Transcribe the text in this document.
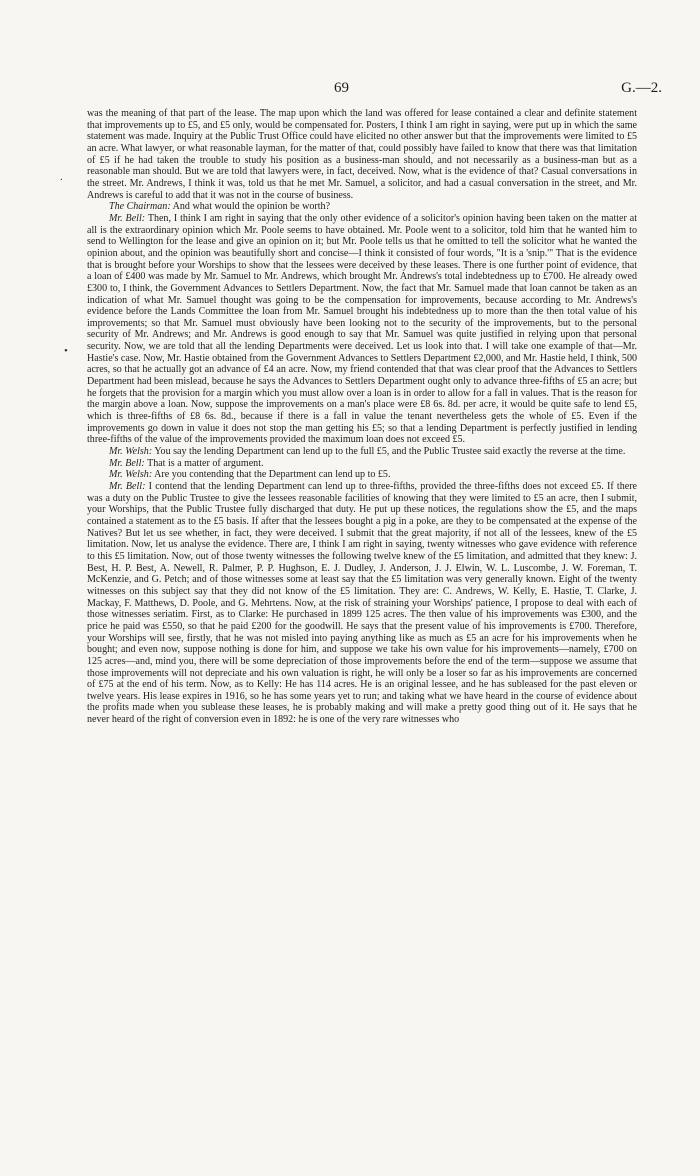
69	G.—2.
.
•

was the meaning of that part of the lease. The map upon which the land was offered for lease contained a clear and definite statement that improvements up to £5, and £5 only, would be compensated for. Posters, I think I am right in saying, were put up in which the same statement was made. Inquiry at the Public Trust Office could have elicited no other answer but that the improvements were limited to £5 an acre. What lawyer, or what reasonable layman, for the matter of that, could possibly have failed to know that there was that limitation of £5 if he had taken the trouble to study his position as a business-man should, and not necessarily as a business-man but as a reasonable man should. But we are told that lawyers were, in fact, deceived. Now, what is the evidence of that? Casual conversations in the street. Mr. Andrews, I think it was, told us that he met Mr. Samuel, a solicitor, and had a casual conversation in the street, and Mr. Andrews is careful to add that it was not in the course of business.

The Chairman: And what would the opinion be worth?

Mr. Bell: Then, I think I am right in saying that the only other evidence of a solicitor's opinion having been taken on the matter at all is the extraordinary opinion which Mr. Poole seems to have obtained. Mr. Poole went to a solicitor, told him that he wanted him to send to Wellington for the lease and give an opinion on it; but Mr. Poole tells us that he omitted to tell the solicitor what he wanted the opinion about, and the opinion was beautifully short and concise—I think it consisted of four words, "It is a 'snip.'" That is the evidence that is brought before your Worships to show that the lessees were deceived by these leases. There is one further point of evidence, that a loan of £400 was made by Mr. Samuel to Mr. Andrews, which brought Mr. Andrews's total indebtedness up to £700. He already owed £300 to, I think, the Government Advances to Settlers Department. Now, the fact that Mr. Samuel made that loan cannot be taken as an indication of what Mr. Samuel thought was going to be the compensation for improvements, because according to Mr. Andrews's evidence before the Lands Committee the loan from Mr. Samuel brought his indebtedness up to more than the then total value of his improvements; so that Mr. Samuel must obviously have been looking not to the security of the improvements, but to the personal security of Mr. Andrews; and Mr. Andrews is good enough to say that Mr. Samuel was quite justified in relying upon that personal security. Now, we are told that all the lending Departments were deceived. Let us look into that. I will take one example of that—Mr. Hastie's case. Now, Mr. Hastie obtained from the Government Advances to Settlers Department £2,000, and Mr. Hastie held, I think, 500 acres, so that he actually got an advance of £4 an acre. Now, my friend contended that that was clear proof that the Advances to Settlers Department had been mislead, because he says the Advances to Settlers Department ought only to advance three-fifths of £5 an acre; but he forgets that the provision for a margin which you must allow over a loan is in order to allow for a fall in values. That is the reason for the margin above a loan. Now, suppose the improvements on a man's place were £8 6s. 8d. per acre, it would be quite safe to lend £5, which is three-fifths of £8 6s. 8d., because if there is a fall in value the tenant nevertheless gets the whole of £5. Even if the improvements go down in value it does not stop the man getting his £5; so that a lending Department is perfectly justified in lending three-fifths of the value of the improvements provided the maximum loan does not exceed £5.

Mr. Welsh: You say the lending Department can lend up to the full £5, and the Public Trustee said exactly the reverse at the time.

Mr. Bell: That is a matter of argument.

Mr. Welsh: Are you contending that the Department can lend up to £5.

Mr. Bell: I contend that the lending Department can lend up to three-fifths, provided the three-fifths does not exceed £5. If there was a duty on the Public Trustee to give the lessees reasonable facilities of knowing that they were limited to £5 an acre, then I submit, your Worships, that the Public Trustee fully discharged that duty. He put up these notices, the regulations show the £5, and the maps contained a statement as to the £5 basis. If after that the lessees bought a pig in a poke, are they to be compensated at the expense of the Natives? But let us see whether, in fact, they were deceived. I submit that the great majority, if not all of the lessees, knew of the £5 limitation. Now, let us analyse the evidence. There are, I think I am right in saying, twenty witnesses who gave evidence with reference to this £5 limitation. Now, out of those twenty witnesses the following twelve knew of the £5 limitation, and admitted that they knew: J. Best, H. P. Best, A. Newell, R. Palmer, P. P. Hughson, E. J. Dudley, J. Anderson, J. J. Elwin, W. L. Luscombe, J. W. Foreman, T. McKenzie, and G. Petch; and of those witnesses some at least say that the £5 limitation was very generally known. Eight of the twenty witnesses on this subject say that they did not know of the £5 limitation. They are: C. Andrews, W. Kelly, E. Hastie, T. Clarke, J. Mackay, F. Matthews, D. Poole, and G. Mehrtens. Now, at the risk of straining your Worships' patience, I propose to deal with each of those witnesses seriatim. First, as to Clarke: He purchased in 1899 125 acres. The then value of his improvements was £300, and the price he paid was £550, so that he paid £200 for the goodwill. He says that the present value of his improvements is £700. Therefore, your Worships will see, firstly, that he was not misled into paying anything like as much as £5 an acre for his improvements when he bought; and even now, suppose nothing is done for him, and suppose we take his own value for his improvements—namely, £700 on 125 acres—and, mind you, there will be some depreciation of those improvements before the end of the term—suppose we assume that those improvements will not depreciate and his own valuation is right, he will only be a loser so far as his improvements are concerned of £75 at the end of his term. Now, as to Kelly: He has 114 acres. He is an original lessee, and he has subleased for the past eleven or twelve years. His lease expires in 1916, so he has some years yet to run; and taking what we have heard in the course of evidence about the profits made when you sublease these leases, he is probably making and will make a pretty good thing out of it. He says that he never heard of the right of conversion even in 1892: he is one of the very rare witnesses who
